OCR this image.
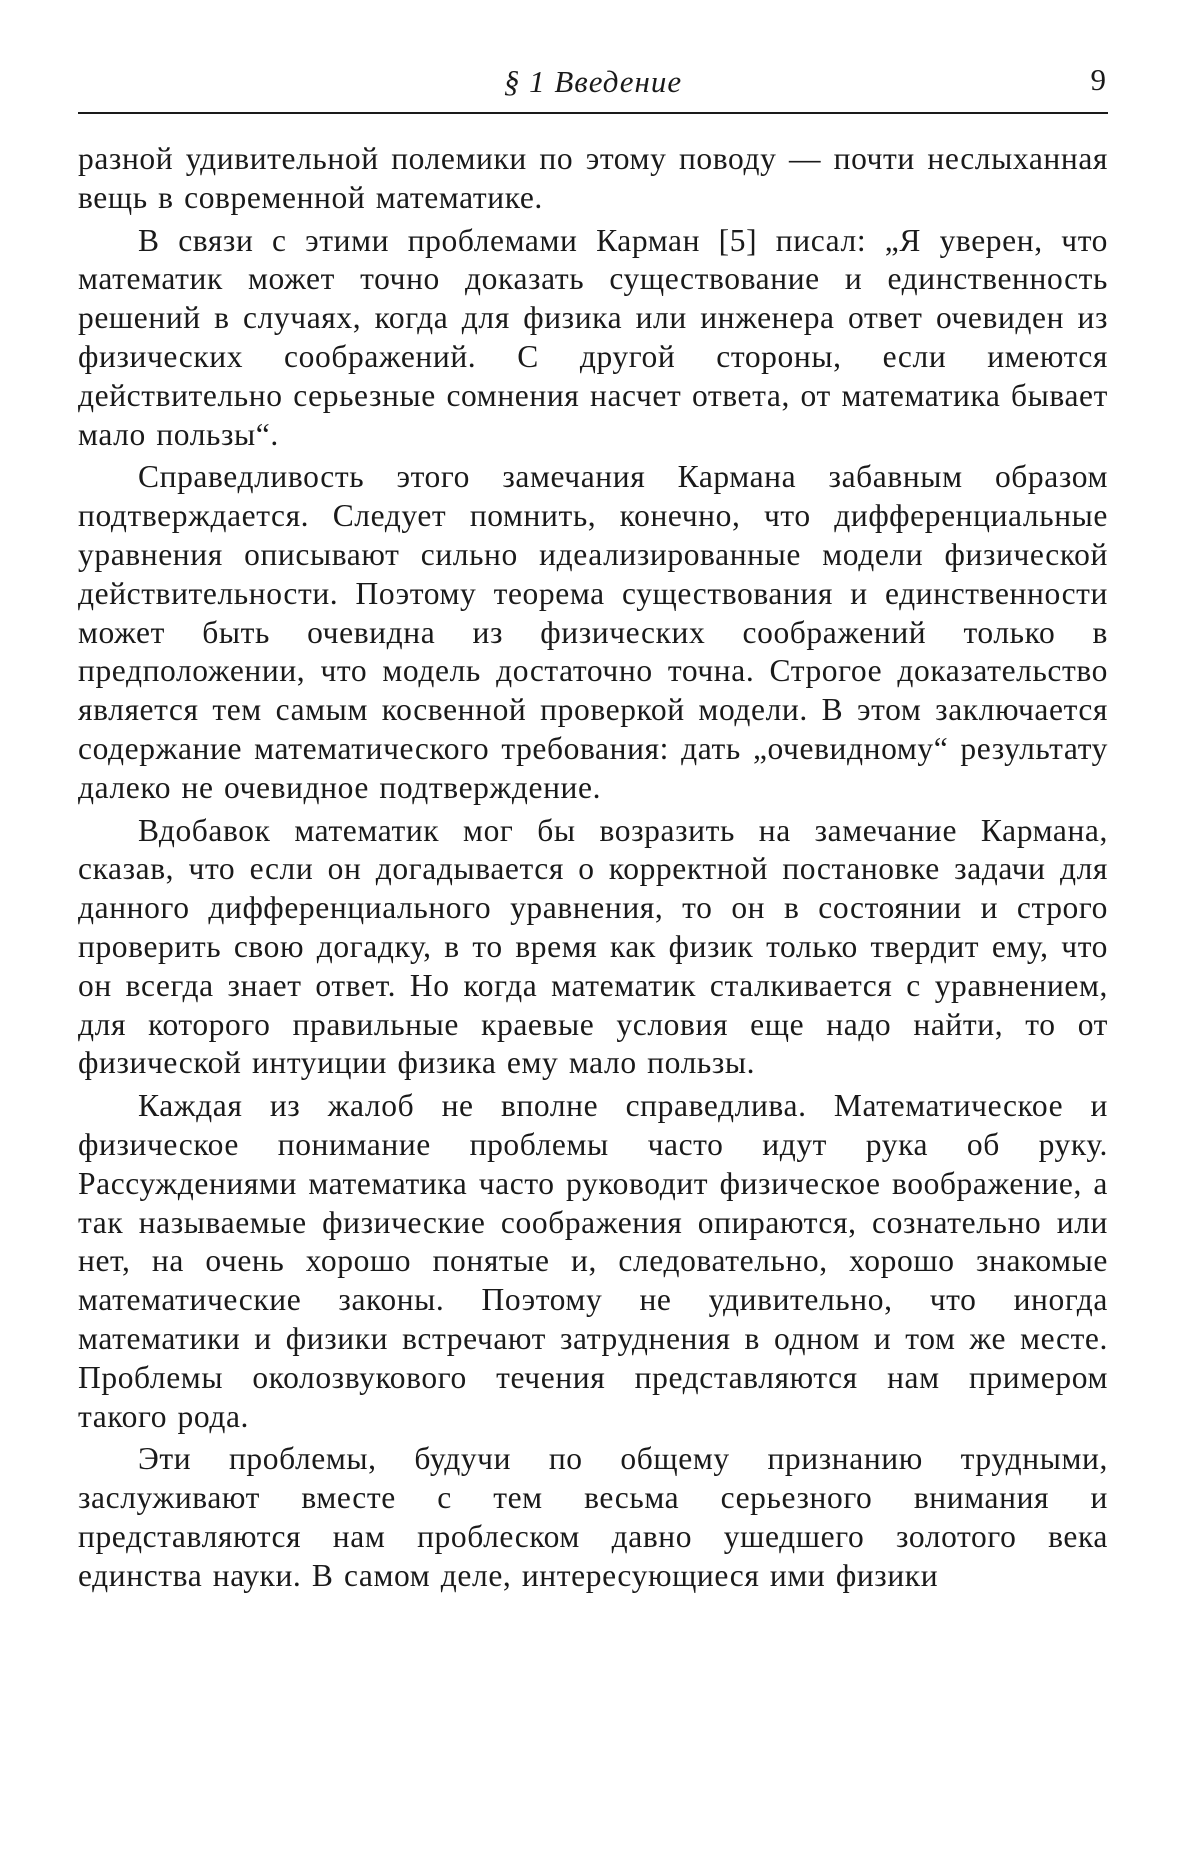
§ 1 Введение	9

разной удивительной полемики по этому поводу — почти неслыханная вещь в современной математике.

В связи с этими проблемами Карман [5] писал: „Я уверен, что математик может точно доказать существование и единственность решений в случаях, когда для физика или инженера ответ очевиден из физических соображений. С другой стороны, если имеются действительно серьезные сомнения насчет ответа, от математика бывает мало пользы“.

Справедливость этого замечания Кармана забавным образом подтверждается. Следует помнить, конечно, что дифференциальные уравнения описывают сильно идеализированные модели физической действительности. Поэтому теорема существования и единственности может быть очевидна из физических соображений только в предположении, что модель достаточно точна. Строгое доказательство является тем самым косвенной проверкой модели. В этом заключается содержание математического требования: дать „очевидному“ результату далеко не очевидное подтверждение.

Вдобавок математик мог бы возразить на замечание Кармана, сказав, что если он догадывается о корректной постановке задачи для данного дифференциального уравнения, то он в состоянии и строго проверить свою догадку, в то время как физик только твердит ему, что он всегда знает ответ. Но когда математик сталкивается с уравнением, для которого правильные краевые условия еще надо найти, то от физической интуиции физика ему мало пользы.

Каждая из жалоб не вполне справедлива. Математическое и физическое понимание проблемы часто идут рука об руку. Рассуждениями математика часто руководит физическое воображение, а так называемые физические соображения опираются, сознательно или нет, на очень хорошо понятые и, следовательно, хорошо знакомые математические законы. Поэтому не удивительно, что иногда математики и физики встречают затруднения в одном и том же месте. Проблемы околозвукового течения представляются нам примером такого рода.

Эти проблемы, будучи по общему признанию трудными, заслуживают вместе с тем весьма серьезного внимания и представляются нам проблеском давно ушедшего золотого века единства науки. В самом деле, интересующиеся ими физики
